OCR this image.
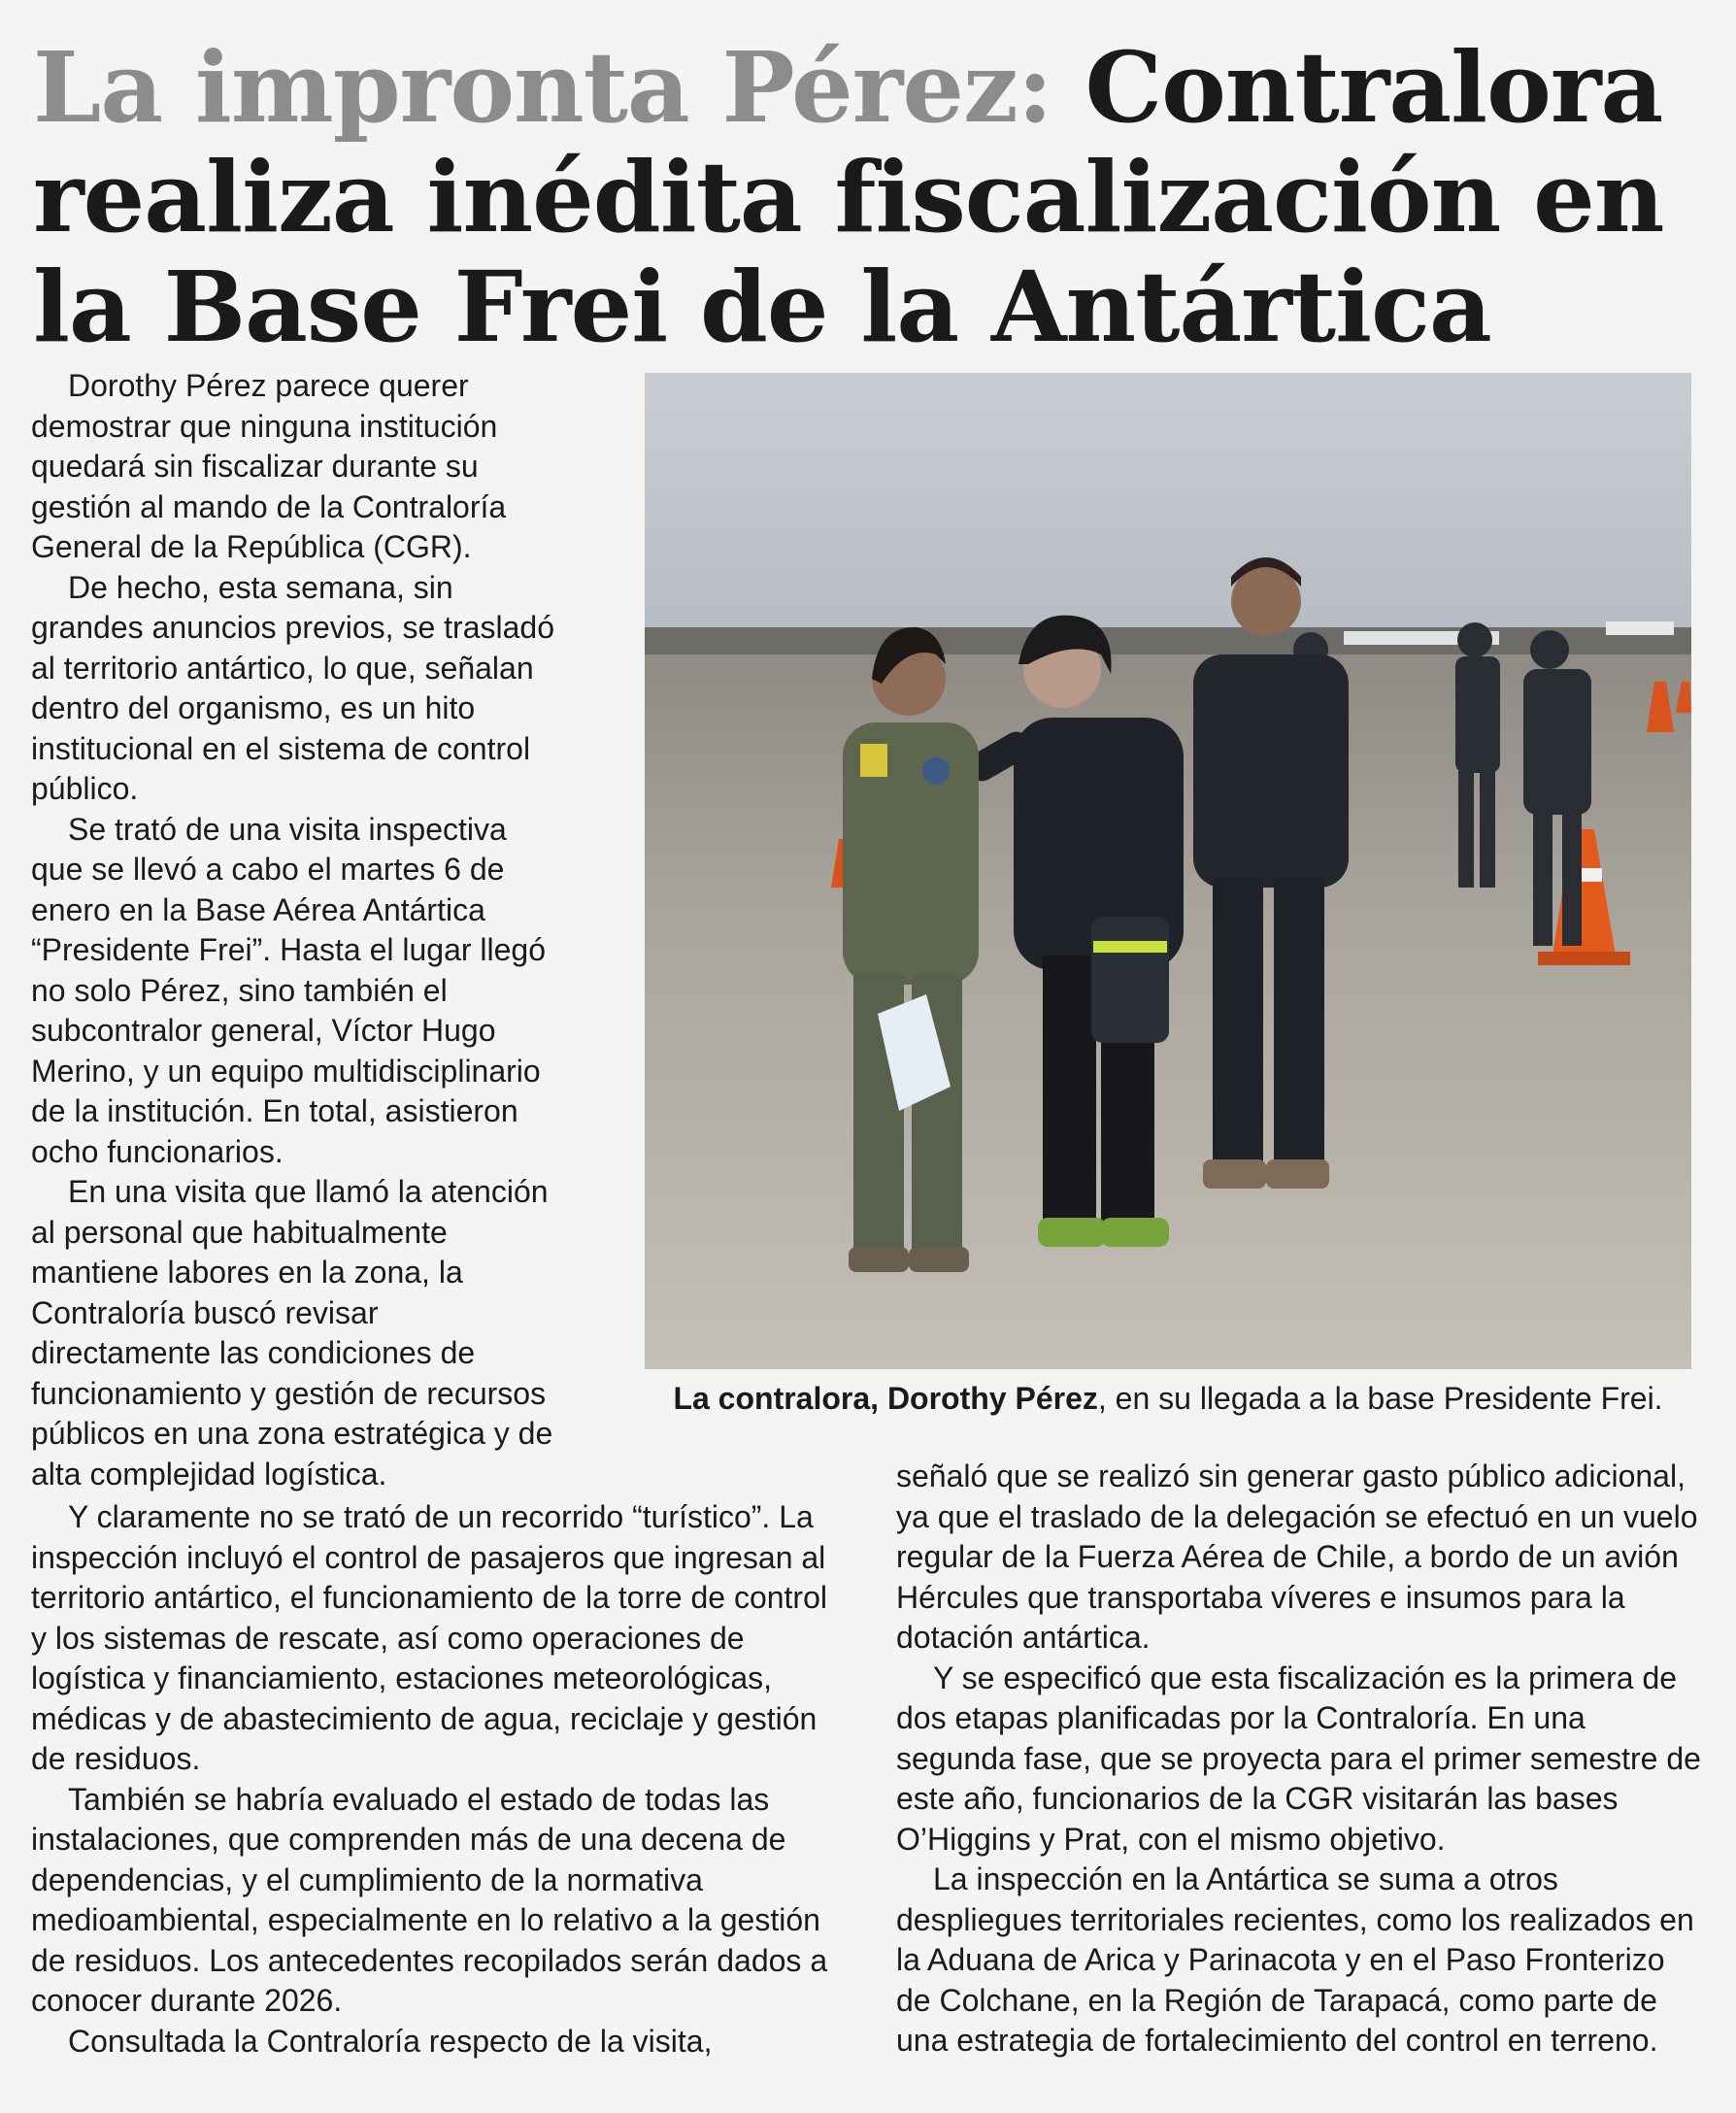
La impronta Pérez: Contralora realiza inédita fiscalización en la Base Frei de la Antártica
La contralora, Dorothy Pérez, en su llegada a la base Presidente Frei.

Dorothy Pérez parece querer demostrar que ninguna institución quedará sin fiscalizar durante su gestión al mando de la Contraloría General de la República (CGR).

De hecho, esta semana, sin grandes anuncios previos, se trasladó al territorio antártico, lo que, señalan dentro del organismo, es un hito institucional en el sistema de control público.

Se trató de una visita inspectiva que se llevó a cabo el martes 6 de enero en la Base Aérea Antártica “Presidente Frei”. Hasta el lugar llegó no solo Pérez, sino también el subcontralor general, Víctor Hugo Merino, y un equipo multidisciplinario de la institución. En total, asistieron ocho funcionarios.

En una visita que llamó la atención al personal que habitualmente mantiene labores en la zona, la Contraloría buscó revisar directamente las condiciones de funcionamiento y gestión de recursos públicos en una zona estratégica y de alta complejidad logística.

Y claramente no se trató de un recorrido “turístico”. La inspección incluyó el control de pasajeros que ingresan al territorio antártico, el funcionamiento de la torre de control y los sistemas de rescate, así como operaciones de logística y financiamiento, estaciones meteorológicas, médicas y de abastecimiento de agua, reciclaje y gestión de residuos.

También se habría evaluado el estado de todas las instalaciones, que comprenden más de una decena de dependencias, y el cumplimiento de la normativa medioambiental, especialmente en lo relativo a la gestión de residuos. Los antecedentes recopilados serán dados a conocer durante 2026.

Consultada la Contraloría respecto de la visita,

señaló que se realizó sin generar gasto público adicional, ya que el traslado de la delegación se efectuó en un vuelo regular de la Fuerza Aérea de Chile, a bordo de un avión Hércules que transportaba víveres e insumos para la dotación antártica.

Y se especificó que esta fiscalización es la primera de dos etapas planificadas por la Contraloría. En una segunda fase, que se proyecta para el primer semestre de este año, funcionarios de la CGR visitarán las bases O’Higgins y Prat, con el mismo objetivo.

La inspección en la Antártica se suma a otros despliegues territoriales recientes, como los realizados en la Aduana de Arica y Parinacota y en el Paso Fronterizo de Colchane, en la Región de Tarapacá, como parte de una estrategia de fortalecimiento del control en terreno.
